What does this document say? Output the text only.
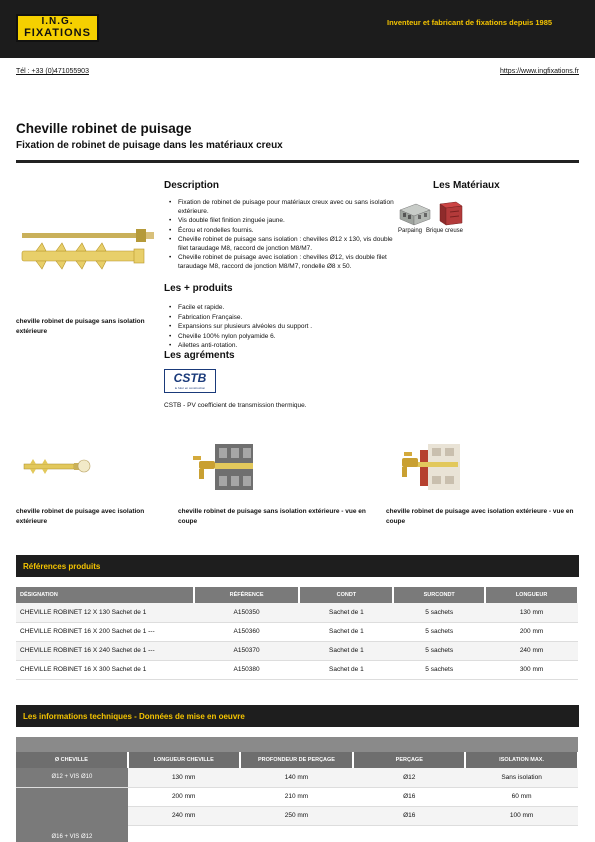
I.N.G.
FIXATIONS
Inventeur et fabricant de fixations depuis 1985
Tél : +33 (0)471055903	https://www.ingfixations.fr
Cheville robinet de puisage
Fixation de robinet de puisage dans les matériaux creux
cheville robinet de puisage sans isolation extérieure
Description
• Fixation de robinet de puisage pour matériaux creux avec ou sans isolation extérieure.
• Vis double filet finition zinguée jaune.
• Écrou et rondelles fournis.
• Cheville robinet de puisage sans isolation : chevilles Ø12 x 130, vis double filet taraudage M8, raccord de jonction M8/M7.
• Cheville robinet de puisage avec isolation : chevilles Ø12, vis double filet taraudage M8, raccord de jonction M8/M7, rondelle Ø8 x 50.
Les + produits
• Facile et rapide.
• Fabrication Française.
• Expansions sur plusieurs alvéoles du support .
• Cheville 100% nylon polyamide 6.
• Ailettes anti-rotation.
Les agréments
CSTB
le futur en construction
CSTB - PV coefficient de transmission thermique.
Les Matériaux
Parpaing Brique creuse
cheville robinet de puisage avec isolation extérieure
cheville robinet de puisage sans isolation extérieure - vue en coupe
cheville robinet de puisage avec isolation extérieure - vue en coupe
Références produits
DÉSIGNATION	RÉFÉRENCE	CONDT	SURCONDT	LONGUEUR
CHEVILLE ROBINET 12 X 130 Sachet de 1	A150350	Sachet de 1	5 sachets	130 mm
CHEVILLE ROBINET 16 X 200 Sachet de 1 ---	A150360	Sachet de 1	5 sachets	200 mm
CHEVILLE ROBINET 16 X 240 Sachet de 1 ---	A150370	Sachet de 1	5 sachets	240 mm
CHEVILLE ROBINET 16 X 300 Sachet de 1	A150380	Sachet de 1	5 sachets	300 mm
Les informations techniques - Données de mise en oeuvre

Ø CHEVILLE	LONGUEUR CHEVILLE	PROFONDEUR DE PERÇAGE	PERÇAGE	ISOLATION MAX.
Ø12 + VIS Ø10	130 mm	140 mm	Ø12	Sans isolation
Ø16 + VIS Ø12	200 mm	210 mm	Ø16	60 mm
	240 mm	250 mm	Ø16	100 mm
